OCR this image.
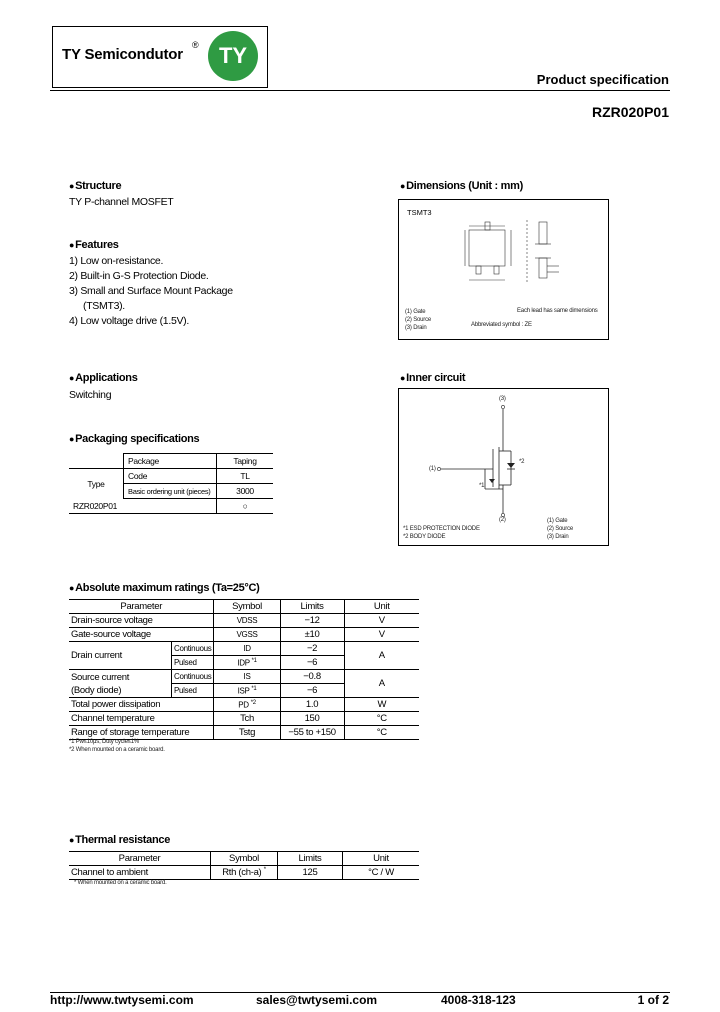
TY Semicondutor
® TY
Product specification
RZR020P01
●Structure
TY P-channel MOSFET
●Features
1) Low on-resistance.
2) Built-in G-S Protection Diode.
3) Small and Surface Mount Package
(TSMT3).
4) Low voltage drive (1.5V).
●Dimensions (Unit : mm)
TSMT3
(1) Gate
(2) Source
(3) Drain
Each lead has same dimensions
Abbreviated symbol : ZE
●Applications
Switching
●Inner circuit
(3)
(1)
(2)
*2
*1
*1 ESD PROTECTION DIODE
*2 BODY DIODE
(1) Gate
(2) Source
(3) Drain
●Packaging specifications
	Package	Taping
Type	Code	TL
	Basic ordering unit (pieces)	3000
RZR020P01		○
●Absolute maximum ratings (Ta=25°C)
Parameter		Symbol	Limits	Unit
Drain-source voltage		VDSS	−12	V
Gate-source voltage		VGSS	±10	V
Drain current	Continuous	ID	−2	A
	Pulsed	IDP $^{*1}$	−6	

Source current
(Body diode)	Continuous	IS	−0.8	A
	Pulsed	ISP $^{*1}$	−6	
Total power dissipation		PD $^{*2}$	1.0	W
Channel temperature		Tch	150	°C
Range of storage temperature		Tstg	−55 to +150	°C
*1 Pw≤10μs, Duty cycle≤1%
*2 When mounted on a ceramic board.
●Thermal resistance
Parameter	Symbol	Limits	Unit
Channel to ambient	Rth (ch-a) *	125	°C / W
* When mounted on a ceramic board.
http://www.twtysemi.com	sales@twtysemi.com	4008-318-123	1 of 2
